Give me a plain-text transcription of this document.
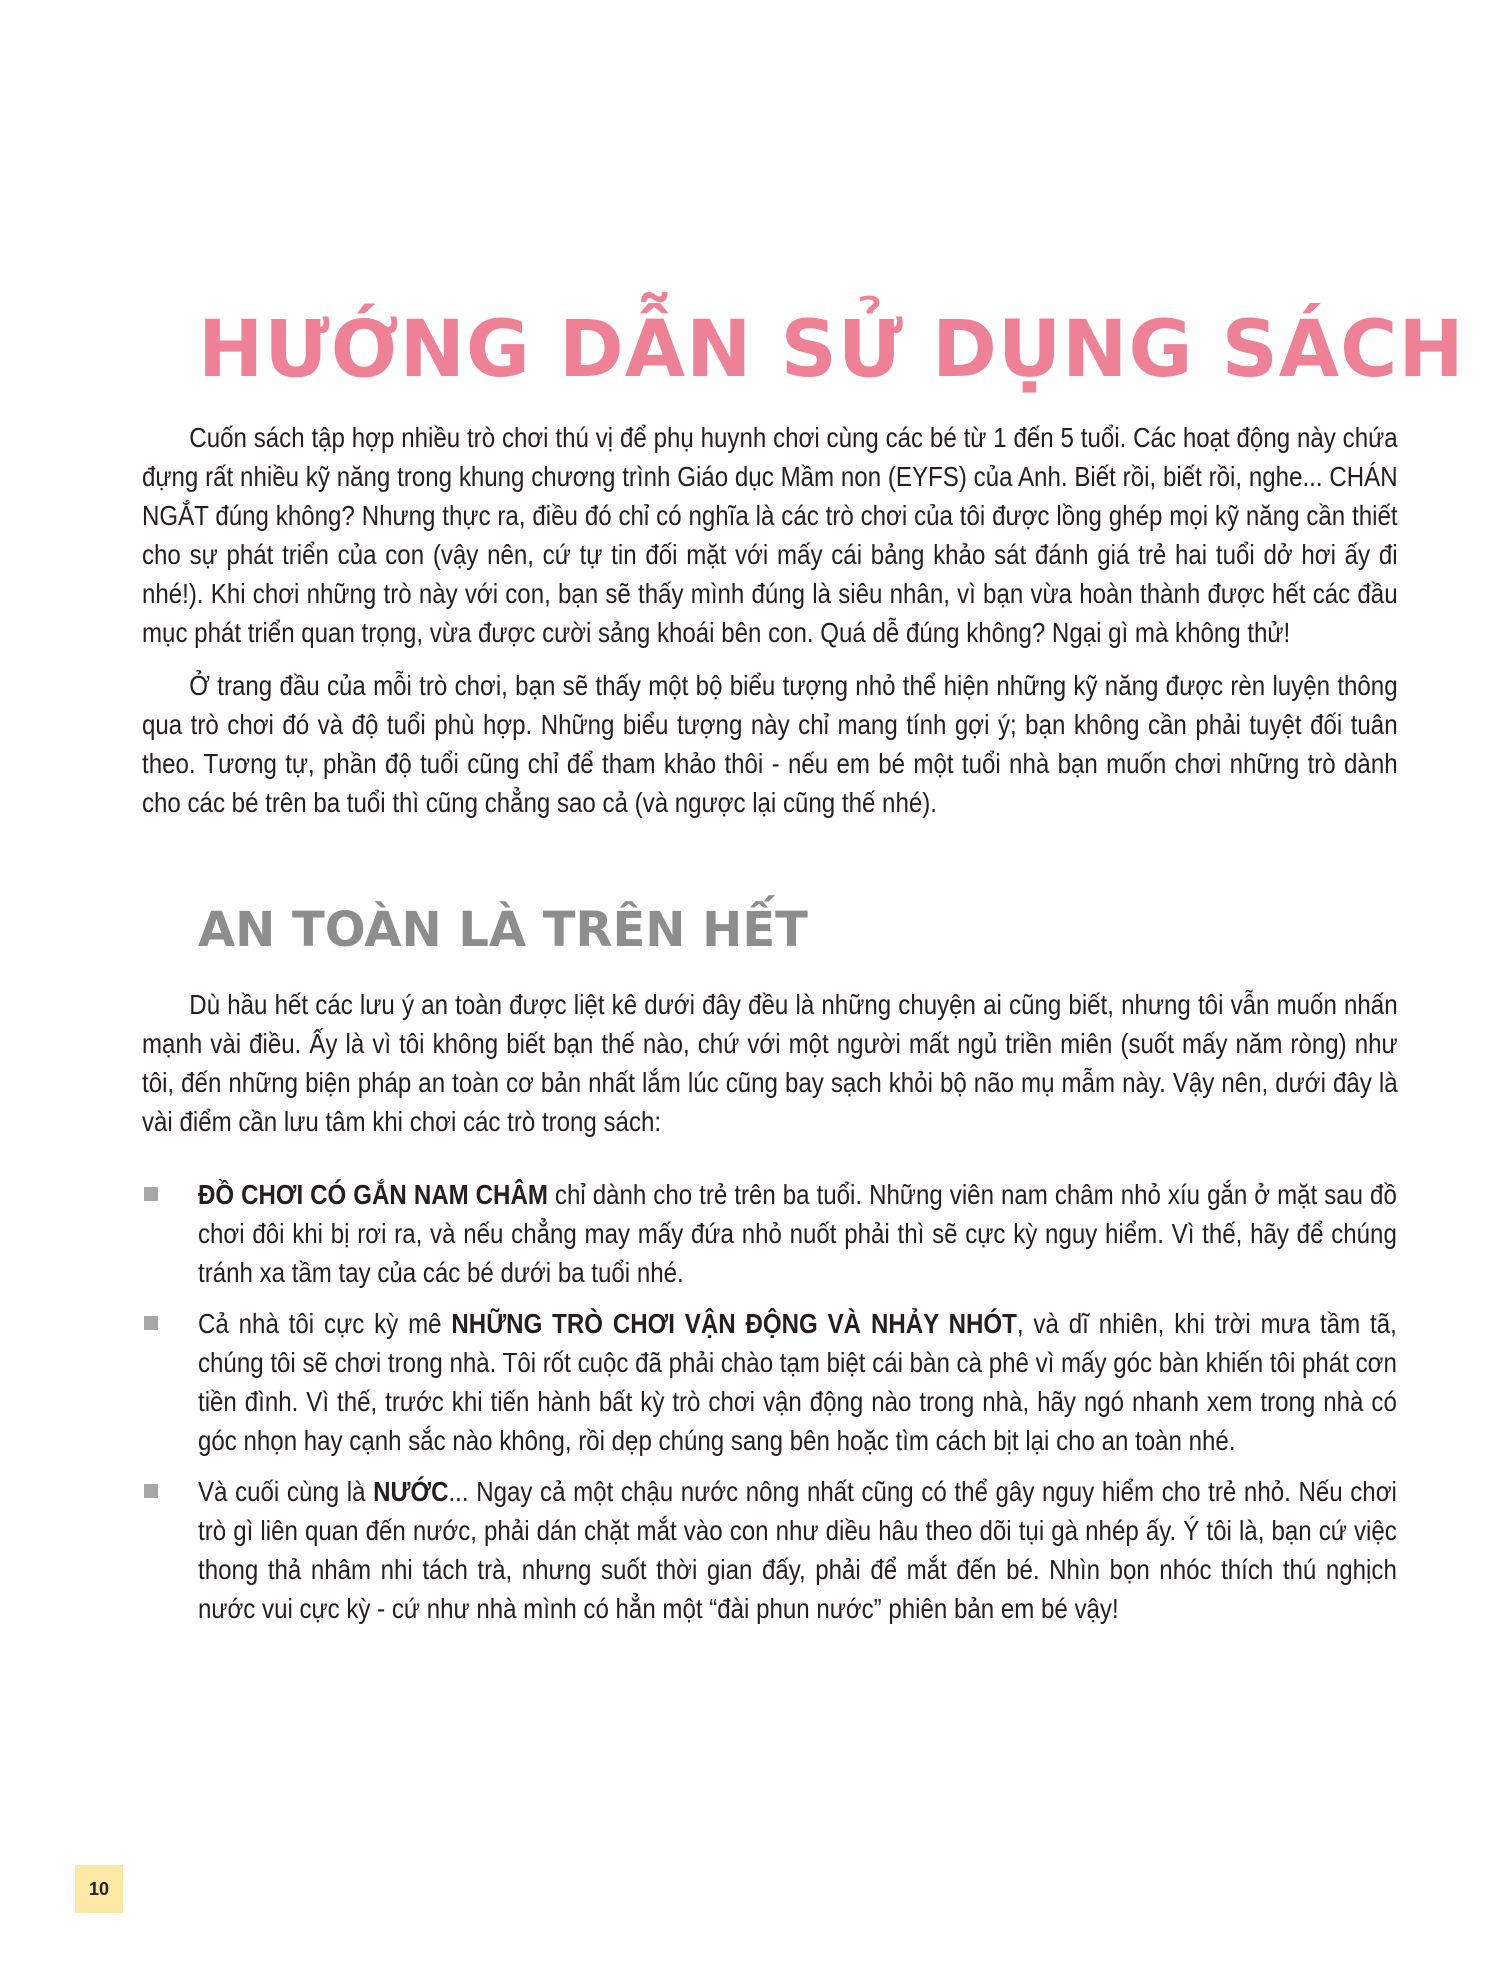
HƯỚNG DẪN SỬ DỤNG SÁCH

Cuốn sách tập hợp nhiều trò chơi thú vị để phụ huynh chơi cùng các bé từ 1 đến 5 tuổi. Các hoạt động này chứa đựng rất nhiều kỹ năng trong khung chương trình Giáo dục Mầm non (EYFS) của Anh. Biết rồi, biết rồi, nghe... CHÁN NGẮT đúng không? Nhưng thực ra, điều đó chỉ có nghĩa là các trò chơi của tôi được lồng ghép mọi kỹ năng cần thiết cho sự phát triển của con (vậy nên, cứ tự tin đối mặt với mấy cái bảng khảo sát đánh giá trẻ hai tuổi dở hơi ấy đi nhé!). Khi chơi những trò này với con, bạn sẽ thấy mình đúng là siêu nhân, vì bạn vừa hoàn thành được hết các đầu mục phát triển quan trọng, vừa được cười sảng khoái bên con. Quá dễ đúng không? Ngại gì mà không thử!

Ở trang đầu của mỗi trò chơi, bạn sẽ thấy một bộ biểu tượng nhỏ thể hiện những kỹ năng được rèn luyện thông qua trò chơi đó và độ tuổi phù hợp. Những biểu tượng này chỉ mang tính gợi ý; bạn không cần phải tuyệt đối tuân theo. Tương tự, phần độ tuổi cũng chỉ để tham khảo thôi - nếu em bé một tuổi nhà bạn muốn chơi những trò dành cho các bé trên ba tuổi thì cũng chẳng sao cả (và ngược lại cũng thế nhé).

AN TOÀN LÀ TRÊN HẾT

Dù hầu hết các lưu ý an toàn được liệt kê dưới đây đều là những chuyện ai cũng biết, nhưng tôi vẫn muốn nhấn mạnh vài điều. Ấy là vì tôi không biết bạn thế nào, chứ với một người mất ngủ triền miên (suốt mấy năm ròng) như tôi, đến những biện pháp an toàn cơ bản nhất lắm lúc cũng bay sạch khỏi bộ não mụ mẫm này. Vậy nên, dưới đây là vài điểm cần lưu tâm khi chơi các trò trong sách:

ĐỒ CHƠI CÓ GẮN NAM CHÂM chỉ dành cho trẻ trên ba tuổi. Những viên nam châm nhỏ xíu gắn ở mặt sau đồ chơi đôi khi bị rơi ra, và nếu chẳng may mấy đứa nhỏ nuốt phải thì sẽ cực kỳ nguy hiểm. Vì thế, hãy để chúng tránh xa tầm tay của các bé dưới ba tuổi nhé.
Cả nhà tôi cực kỳ mê NHỮNG TRÒ CHƠI VẬN ĐỘNG VÀ NHẢY NHÓT, và dĩ nhiên, khi trời mưa tầm tã, chúng tôi sẽ chơi trong nhà. Tôi rốt cuộc đã phải chào tạm biệt cái bàn cà phê vì mấy góc bàn khiến tôi phát cơn tiền đình. Vì thế, trước khi tiến hành bất kỳ trò chơi vận động nào trong nhà, hãy ngó nhanh xem trong nhà có góc nhọn hay cạnh sắc nào không, rồi dẹp chúng sang bên hoặc tìm cách bịt lại cho an toàn nhé.
Và cuối cùng là NƯỚC... Ngay cả một chậu nước nông nhất cũng có thể gây nguy hiểm cho trẻ nhỏ. Nếu chơi trò gì liên quan đến nước, phải dán chặt mắt vào con như diều hâu theo dõi tụi gà nhép ấy. Ý tôi là, bạn cứ việc thong thả nhâm nhi tách trà, nhưng suốt thời gian đấy, phải để mắt đến bé. Nhìn bọn nhóc thích thú nghịch nước vui cực kỳ - cứ như nhà mình có hẳn một “đài phun nước” phiên bản em bé vậy!
10
